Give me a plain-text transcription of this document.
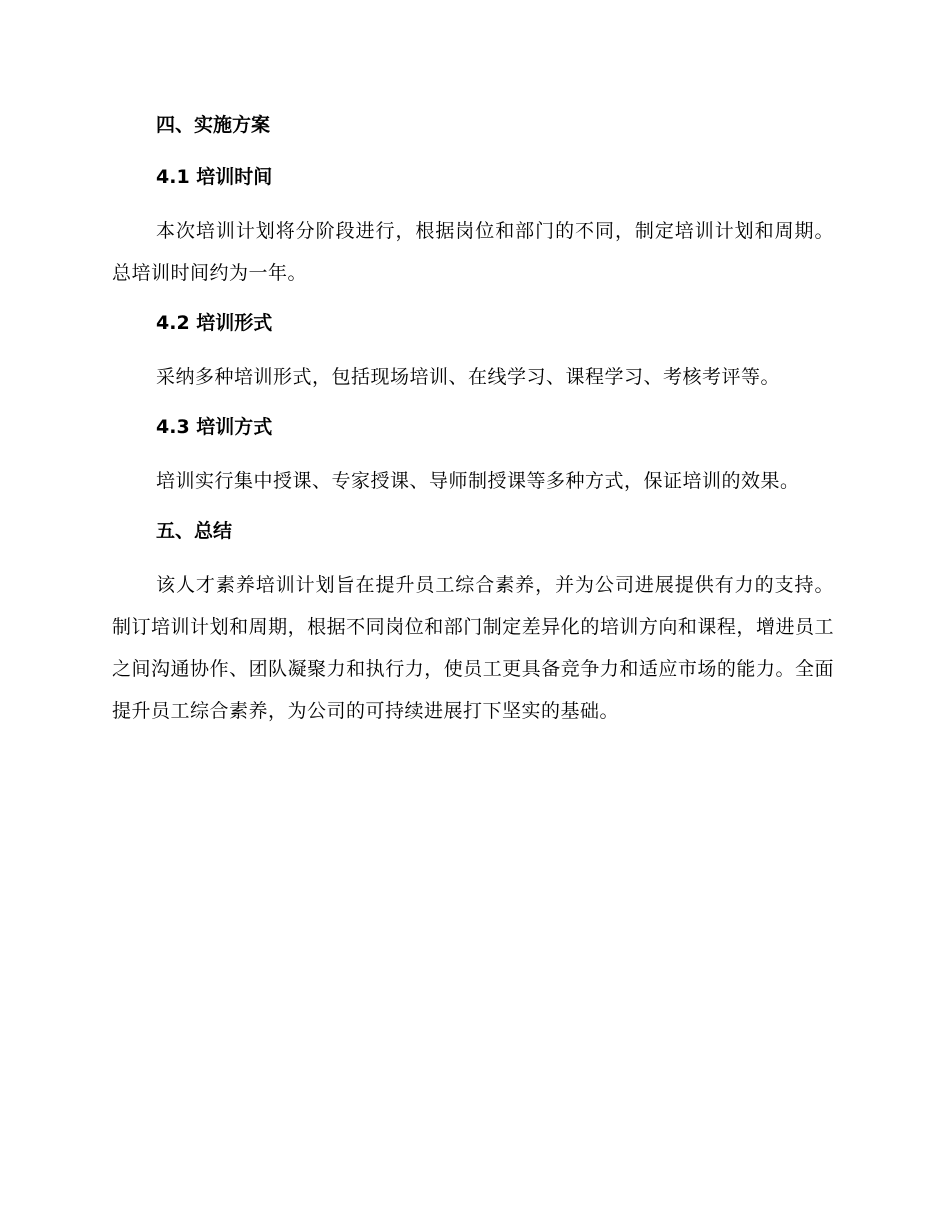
四、实施方案
4.1 培训时间

本次培训计划将分阶段进行，根据岗位和部门的不同，制定培训计划和周期。总培训时间约为一年。

4.2 培训形式

采纳多种培训形式，包括现场培训、在线学习、课程学习、考核考评等。

4.3 培训方式

培训实行集中授课、专家授课、导师制授课等多种方式，保证培训的效果。

五、总结

该人才素养培训计划旨在提升员工综合素养，并为公司进展提供有力的支持。制订培训计划和周期，根据不同岗位和部门制定差异化的培训方向和课程，增进员工之间沟通协作、团队凝聚力和执行力，使员工更具备竞争力和适应市场的能力。全面提升员工综合素养，为公司的可持续进展打下坚实的基础。
